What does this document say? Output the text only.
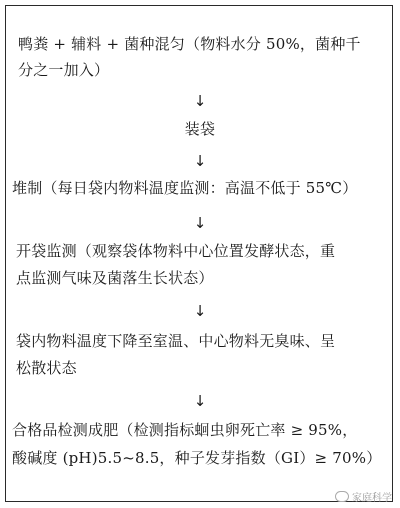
鸭粪 + 辅料 + 菌种混匀（物料水分 50%，菌种千
分之一加入）
↓
装袋
↓
堆制（每日袋内物料温度监测：高温不低于 55℃）
↓
开袋监测（观察袋体物料中心位置发酵状态，重
点监测气味及菌落生长状态）
↓
袋内物料温度下降至室温、中心物料无臭味、呈
松散状态
↓
合格品检测成肥（检测指标蛔虫卵死亡率 ≥ 95%，
酸碱度 (pH)5.5~8.5，种子发芽指数（GI）≥ 70%）
家庭科学
